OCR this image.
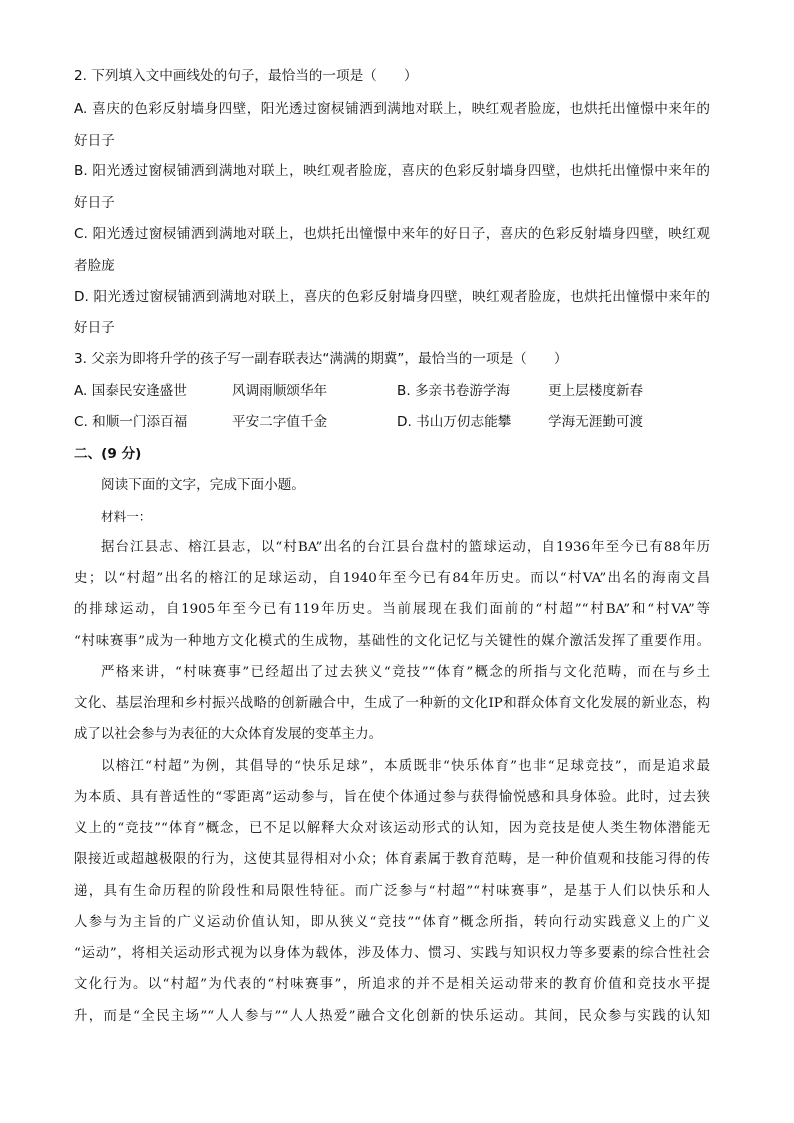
2. 下列填入文中画线处的句子，最恰当的一项是（　　）
A. 喜庆的色彩反射墙身四壁，阳光透过窗棂铺洒到满地对联上，映红观者脸庞，也烘托出憧憬中来年的
好日子
B. 阳光透过窗棂铺洒到满地对联上，映红观者脸庞，喜庆的色彩反射墙身四壁，也烘托出憧憬中来年的
好日子
C. 阳光透过窗棂铺洒到满地对联上，也烘托出憧憬中来年的好日子，喜庆的色彩反射墙身四壁，映红观
者脸庞
D. 阳光透过窗棂铺洒到满地对联上，喜庆的色彩反射墙身四壁，映红观者脸庞，也烘托出憧憬中来年的
好日子
3. 父亲为即将升学的孩子写一副春联表达“满满的期冀”，最恰当的一项是（　　）
A. 国泰民安逢盛世	风调雨顺颂华年	B. 多亲书卷游学海	更上层楼度新春
C. 和顺一门添百福	平安二字值千金	D. 书山万仞志能攀	学海无涯勤可渡
二、(9 分)
阅读下面的文字，完成下面小题。
材料一：
据台江县志、榕江县志，以“村BA”出名的台江县台盘村的篮球运动，自1936年至今已有88年历
史；以“村超”出名的榕江的足球运动，自1940年至今已有84年历史。而以“村VA”出名的海南文昌
的排球运动，自1905年至今已有119年历史。当前展现在我们面前的“村超”“村BA”和“村VA”等
“村味赛事”成为一种地方文化模式的生成物，基础性的文化记忆与关键性的媒介激活发挥了重要作用。
严格来讲，“村味赛事”已经超出了过去狭义“竞技”“体育”概念的所指与文化范畴，而在与乡土
文化、基层治理和乡村振兴战略的创新融合中，生成了一种新的文化IP和群众体育文化发展的新业态，构
成了以社会参与为表征的大众体育发展的变革主力。
以榕江“村超”为例，其倡导的“快乐足球”，本质既非“快乐体育”也非“足球竞技”，而是追求最
为本质、具有普适性的“零距离”运动参与，旨在使个体通过参与获得愉悦感和具身体验。此时，过去狭
义上的“竞技”“体育”概念，已不足以解释大众对该运动形式的认知，因为竞技是使人类生物体潜能无
限接近或超越极限的行为，这使其显得相对小众；体育素属于教育范畴，是一种价值观和技能习得的传
递，具有生命历程的阶段性和局限性特征。而广泛参与“村超”“村味赛事”，是基于人们以快乐和人
人参与为主旨的广义运动价值认知，即从狭义“竞技”“体育”概念所指，转向行动实践意义上的广义
“运动”，将相关运动形式视为以身体为载体，涉及体力、惯习、实践与知识权力等多要素的综合性社会
文化行为。以“村超”为代表的“村味赛事”，所追求的并不是相关运动带来的教育价值和竞技水平提
升，而是“全民主场”“人人参与”“人人热爱”融合文化创新的快乐运动。其间，民众参与实践的认知
